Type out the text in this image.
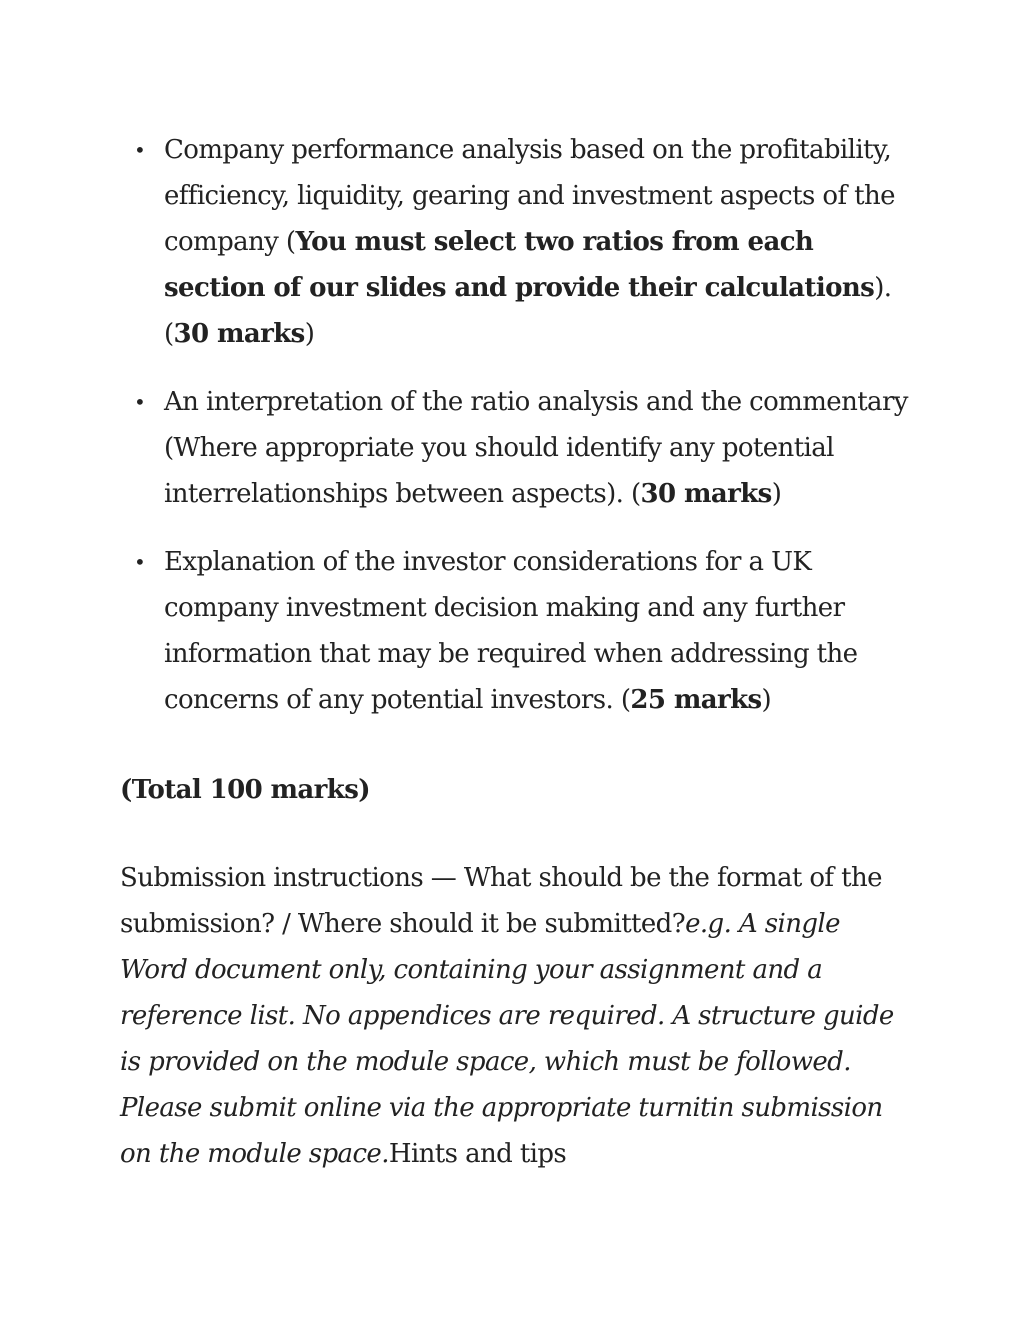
• Company performance analysis based on the profitability, efficiency, liquidity, gearing and investment aspects of the company (You must select two ratios from each section of our slides and provide their calculations). (30 marks)
• An interpretation of the ratio analysis and the commentary (Where appropriate you should identify any potential interrelationships between aspects). (30 marks)
• Explanation of the investor considerations for a UK company investment decision making and any further information that may be required when addressing the concerns of any potential investors. (25 marks)

(Total 100 marks)

Submission instructions — What should be the format of the submission? / Where should it be submitted?e.g. A single Word document only, containing your assignment and a reference list. No appendices are required. A structure guide is provided on the module space, which must be followed. Please submit online via the appropriate turnitin submission on the module space.Hints and tips
